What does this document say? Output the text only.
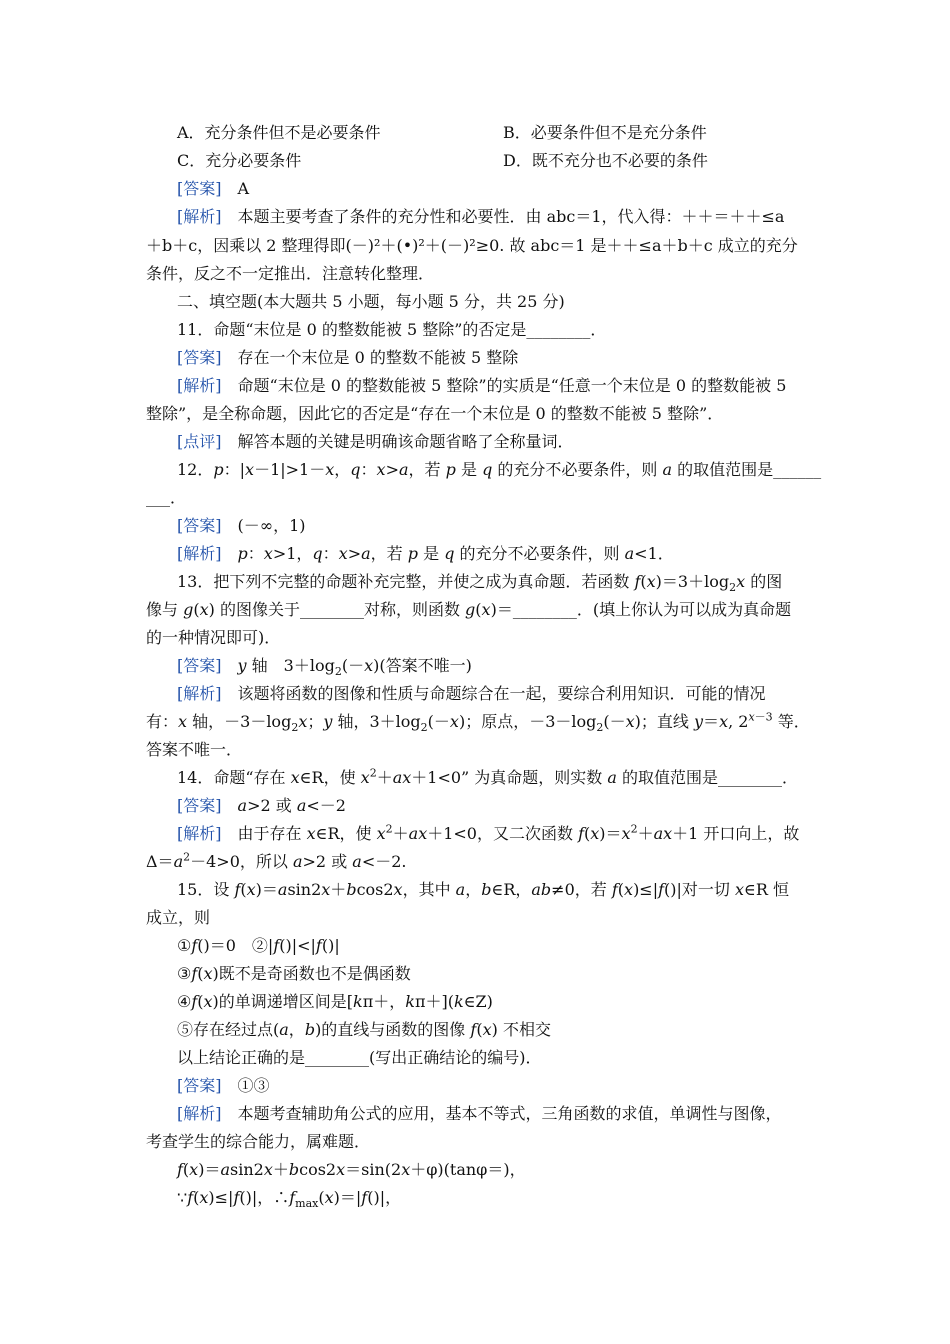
A．充分条件但不是必要条件	B．必要条件但不是充分条件
C．充分必要条件	D．既不充分也不必要的条件
[答案]　 A
[解析]　 本题主要考查了条件的充分性和必要性．由 abc＝1，代入得：＋＋＝＋＋≤a
＋b＋c，因乘以 2 整理得即(－)²＋(•)²＋(－)²≥0. 故 abc＝1 是＋＋≤a＋b＋c 成立的充分
条件，反之不一定推出．注意转化整理．
二、填空题(本大题共 5 小题，每小题 5 分，共 25 分)
11．命题“末位是 0 的整数能被 5 整除”的否定是________．
[答案]　 存在一个末位是 0 的整数不能被 5 整除
[解析]　 命题“末位是 0 的整数能被 5 整除”的实质是“任意一个末位是 0 的整数能被 5
整除”，是全称命题，因此它的否定是“存在一个末位是 0 的整数不能被 5 整除”．
[点评]　 解答本题的关键是明确该命题省略了全称量词．
12．p：|x－1|>1－x，q：x>a，若 p 是 q 的充分不必要条件，则 a 的取值范围是______
___．
[答案]　 (－∞，1)
[解析]　 p：x>1，q：x>a，若 p 是 q 的充分不必要条件，则 a<1．
13．把下列不完整的命题补充完整，并使之成为真命题．若函数 $f(x)=3+\log_2x$ 的图
像与 g(x) 的图像关于________对称，则函数 g(x)＝________．(填上你认为可以成为真命题
的一种情况即可)．
[答案]　 y 轴　$3+\log_2(-x)$(答案不唯一)
[解析]　 该题将函数的图像和性质与命题综合在一起，要综合利用知识．可能的情况
有：x 轴，$-3-\log_2x$；y 轴，$3+\log_2(-x)$；原点，$-3-\log_2(-x)$；直线 y＝x, $2^{x-3}$ 等．
答案不唯一．
14．命题“存在 x∈R，使 $x^2+ax+1<0$” 为真命题，则实数 a 的取值范围是________．
[答案]　 a>2 或 a<－2
[解析]　由于存在 x∈R，使 $x^2+ax+1<0$，又二次函数 $f(x)=x^2+ax+1$ 开口向上，故
$\Delta=a^2-4>0$，所以 a>2 或 a<－2.
15．设 f(x)＝asin2x＋bcos2x，其中 a，b∈R，ab≠0，若 f(x)≤|f()|对一切 x∈R 恒
成立，则
①f()＝0　②|f()|<|f()|
③f(x)既不是奇函数也不是偶函数
④f(x)的单调递增区间是[kπ＋，kπ＋](k∈Z)
⑤存在经过点(a，b)的直线与函数的图像 f(x) 不相交
以上结论正确的是________(写出正确结论的编号)．
[答案]　 ①③
[解析]　 本题考查辅助角公式的应用，基本不等式，三角函数的求值，单调性与图像，
考查学生的综合能力，属难题．
f(x)＝asin2x＋bcos2x＝sin(2x＋φ)(tanφ＝)，
∵f(x)≤|f()|，$\therefore f_{max}(x)=|f()|$，
